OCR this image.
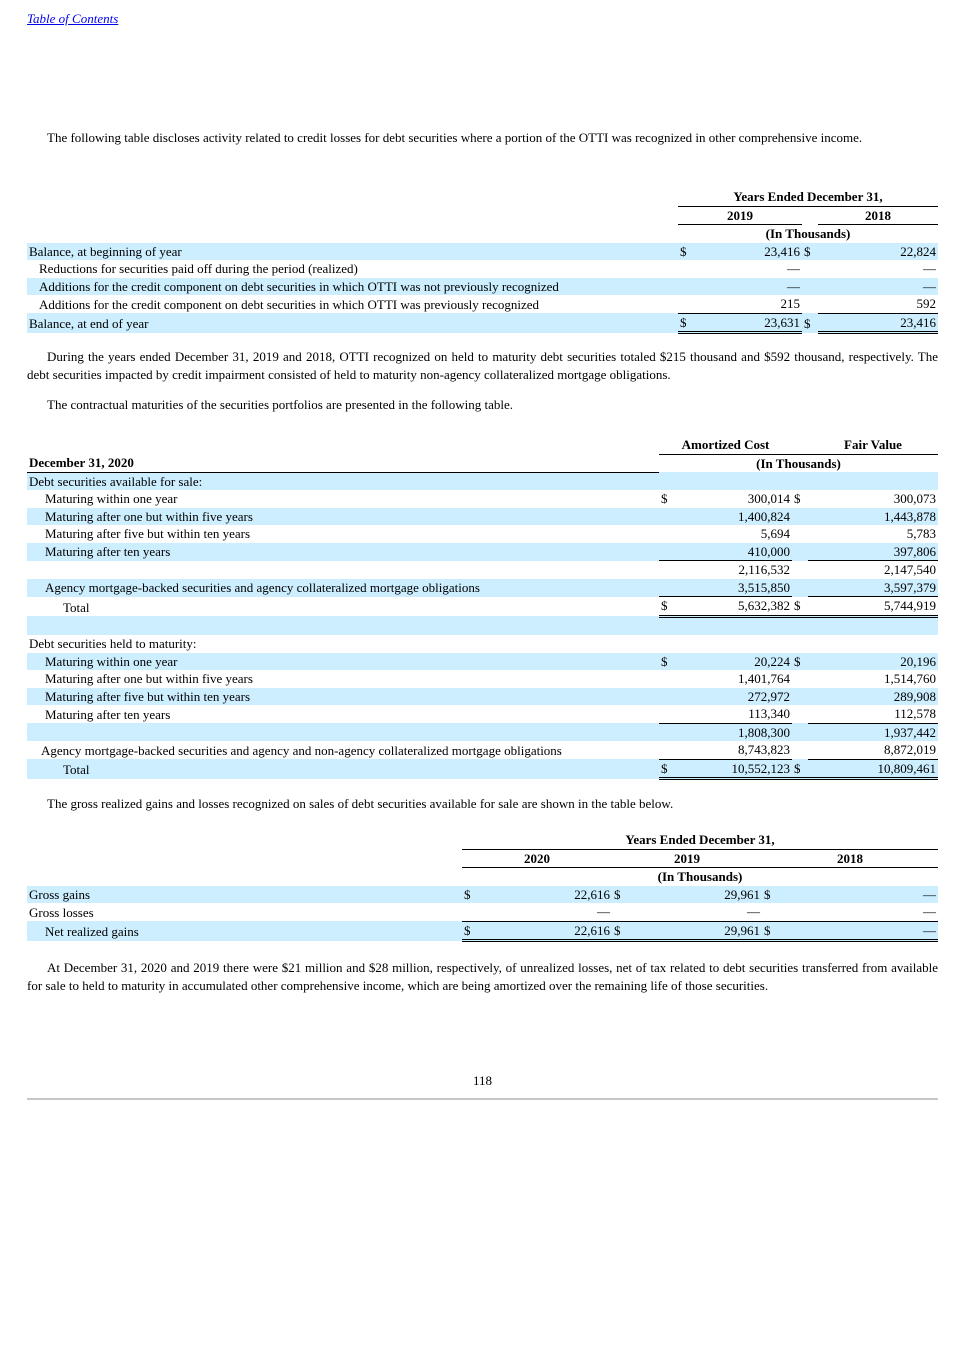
Table of Contents

The following table discloses activity related to credit losses for debt securities where a portion of the OTTI was recognized in other comprehensive income.

	Years Ended December 31,			
	2019			2018
	(In Thousands)			
Balance, at beginning of year	$	23,416	$	22,824
Reductions for securities paid off during the period (realized)		—		—
Additions for the credit component on debt securities in which OTTI was not previously recognized		—		—
Additions for the credit component on debt securities in which OTTI was previously recognized		215		592
Balance, at end of year	$	23,631	$	23,416

During the years ended December 31, 2019 and 2018, OTTI recognized on held to maturity debt securities totaled $215 thousand and $592 thousand, respectively. The debt securities impacted by credit impairment consisted of held to maturity non-agency collateralized mortgage obligations.

The contractual maturities of the securities portfolios are presented in the following table.

	Amortized Cost			Fair Value
December 31, 2020	(In Thousands)			
Debt securities available for sale:				
Maturing within one year	$	300,014	$	300,073
Maturing after one but within five years		1,400,824		1,443,878
Maturing after five but within ten years		5,694		5,783
Maturing after ten years		410,000		397,806
		2,116,532		2,147,540
Agency mortgage-backed securities and agency collateralized mortgage obligations		3,515,850		3,597,379
Total	$	5,632,382	$	5,744,919

Debt securities held to maturity:				
Maturing within one year	$	20,224	$	20,196
Maturing after one but within five years		1,401,764		1,514,760
Maturing after five but within ten years		272,972		289,908
Maturing after ten years		113,340		112,578
		1,808,300		1,937,442
Agency mortgage-backed securities and agency and non-agency collateralized mortgage obligations		8,743,823		8,872,019
Total	$	10,552,123	$	10,809,461

The gross realized gains and losses recognized on sales of debt securities available for sale are shown in the table below.

	Years Ended December 31,					
	2020		2019		2018	
	(In Thousands)					
Gross gains	$	22,616	$	29,961	$	—
Gross losses		—		—		—
Net realized gains	$	22,616	$	29,961	$	—

At December 31, 2020 and 2019 there were $21 million and $28 million, respectively, of unrealized losses, net of tax related to debt securities transferred from available for sale to held to maturity in accumulated other comprehensive income, which are being amortized over the remaining life of those securities.

118
